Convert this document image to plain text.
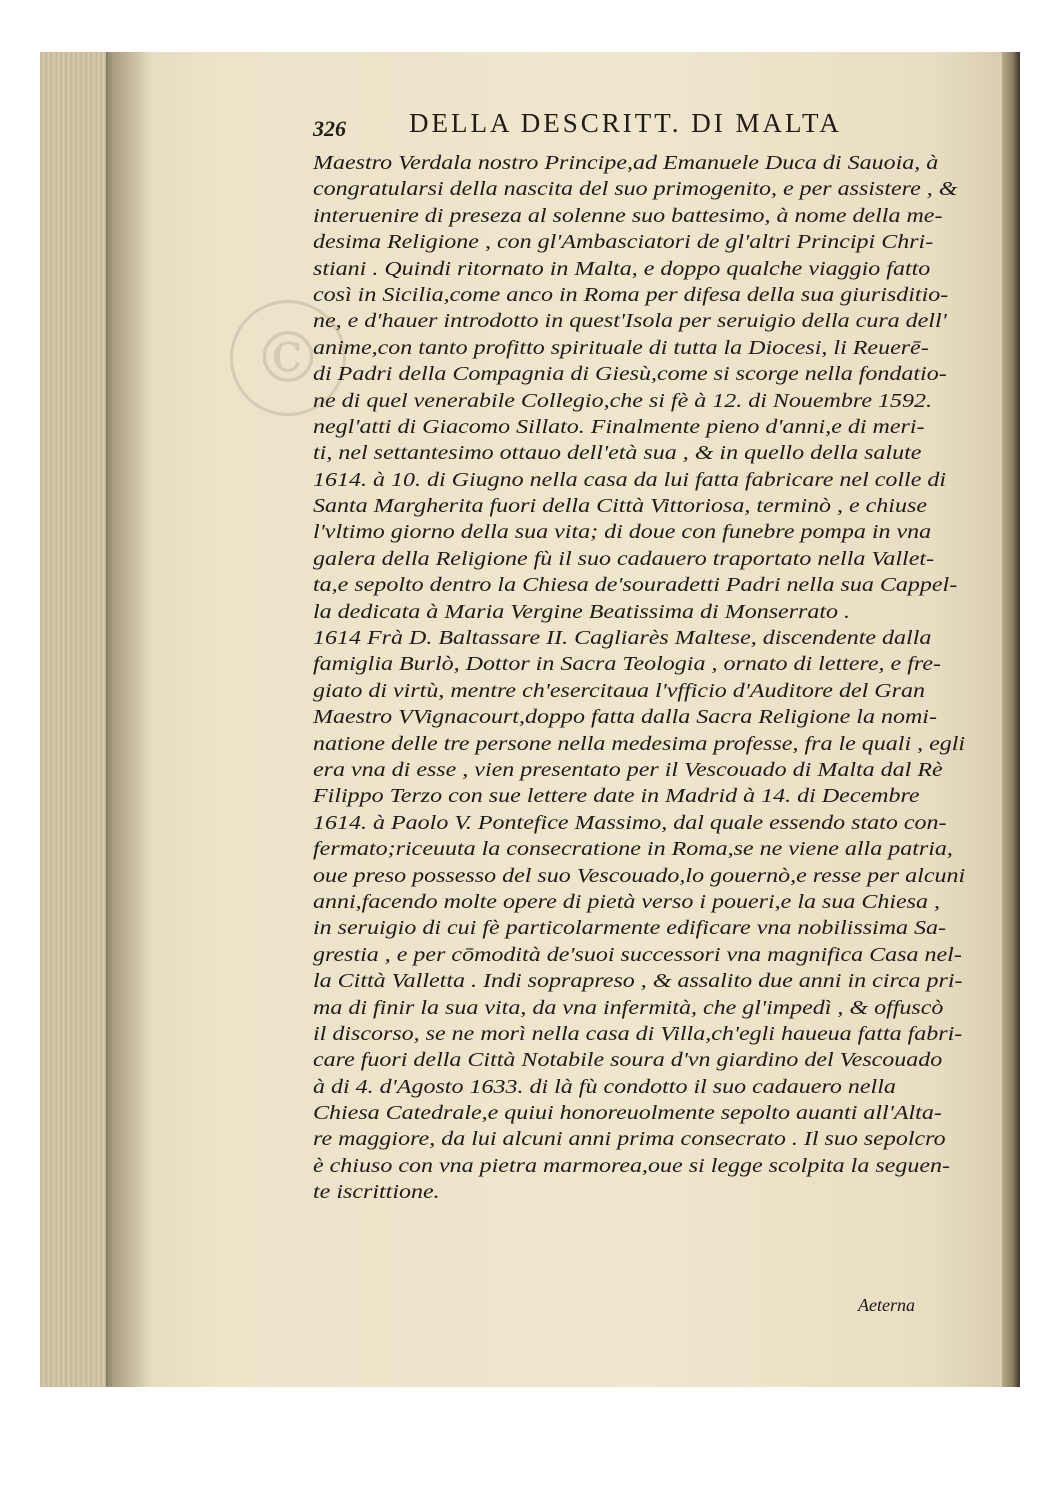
©
326 DELLA DESCRITT. DI MALTA
Maestro Verdala nostro Principe,ad Emanuele Duca di Sauoia, à
congratularsi della nascita del suo primogenito, e per assistere , &
interuenire di preseza al solenne suo battesimo, à nome della me-
desima Religione , con gl'Ambasciatori de gl'altri Principi Chri-
stiani . Quindi ritornato in Malta, e doppo qualche viaggio fatto
così in Sicilia,come anco in Roma per difesa della sua giurisditio-
ne, e d'hauer introdotto in quest'Isola per seruigio della cura dell'
anime,con tanto profitto spirituale di tutta la Diocesi, li Reuerē-
di Padri della Compagnia di Giesù,come si scorge nella fondatio-
ne di quel venerabile Collegio,che si fè à 12. di Nouembre 1592.
negl'atti di Giacomo Sillato. Finalmente pieno d'anni,e di meri-
ti, nel settantesimo ottauo dell'età sua , & in quello della salute
1614. à 10. di Giugno nella casa da lui fatta fabricare nel colle di
Santa Margherita fuori della Città Vittoriosa, terminò , e chiuse
l'vltimo giorno della sua vita; di doue con funebre pompa in vna
galera della Religione fù il suo cadauero traportato nella Vallet-
ta,e sepolto dentro la Chiesa de'souradetti Padri nella sua Cappel-
la dedicata à Maria Vergine Beatissima di Monserrato .
1614 Frà D. Baltassare II. Cagliarès Maltese, discendente dalla
famiglia Burlò, Dottor in Sacra Teologia , ornato di lettere, e fre-
giato di virtù, mentre ch'esercitaua l'vfficio d'Auditore del Gran
Maestro VVignacourt,doppo fatta dalla Sacra Religione la nomi-
natione delle tre persone nella medesima professe, fra le quali , egli
era vna di esse , vien presentato per il Vescouado di Malta dal Rè
Filippo Terzo con sue lettere date in Madrid à 14. di Decembre
1614. à Paolo V. Pontefice Massimo, dal quale essendo stato con-
fermato;riceuuta la consecratione in Roma,se ne viene alla patria,
oue preso possesso del suo Vescouado,lo gouernò,e resse per alcuni
anni,facendo molte opere di pietà verso i poueri,e la sua Chiesa ,
in seruigio di cui fè particolarmente edificare vna nobilissima Sa-
grestia , e per cōmodità de'suoi successori vna magnifica Casa nel-
la Città Valletta . Indi soprapreso , & assalito due anni in circa pri-
ma di finir la sua vita, da vna infermità, che gl'impedì , & offuscò
il discorso, se ne morì nella casa di Villa,ch'egli haueua fatta fabri-
care fuori della Città Notabile soura d'vn giardino del Vescouado
à di 4. d'Agosto 1633. di là fù condotto il suo cadauero nella
Chiesa Catedrale,e quiui honoreuolmente sepolto auanti all'Alta-
re maggiore, da lui alcuni anni prima consecrato . Il suo sepolcro
è chiuso con vna pietra marmorea,oue si legge scolpita la seguen-
te iscrittione.
Aeterna
